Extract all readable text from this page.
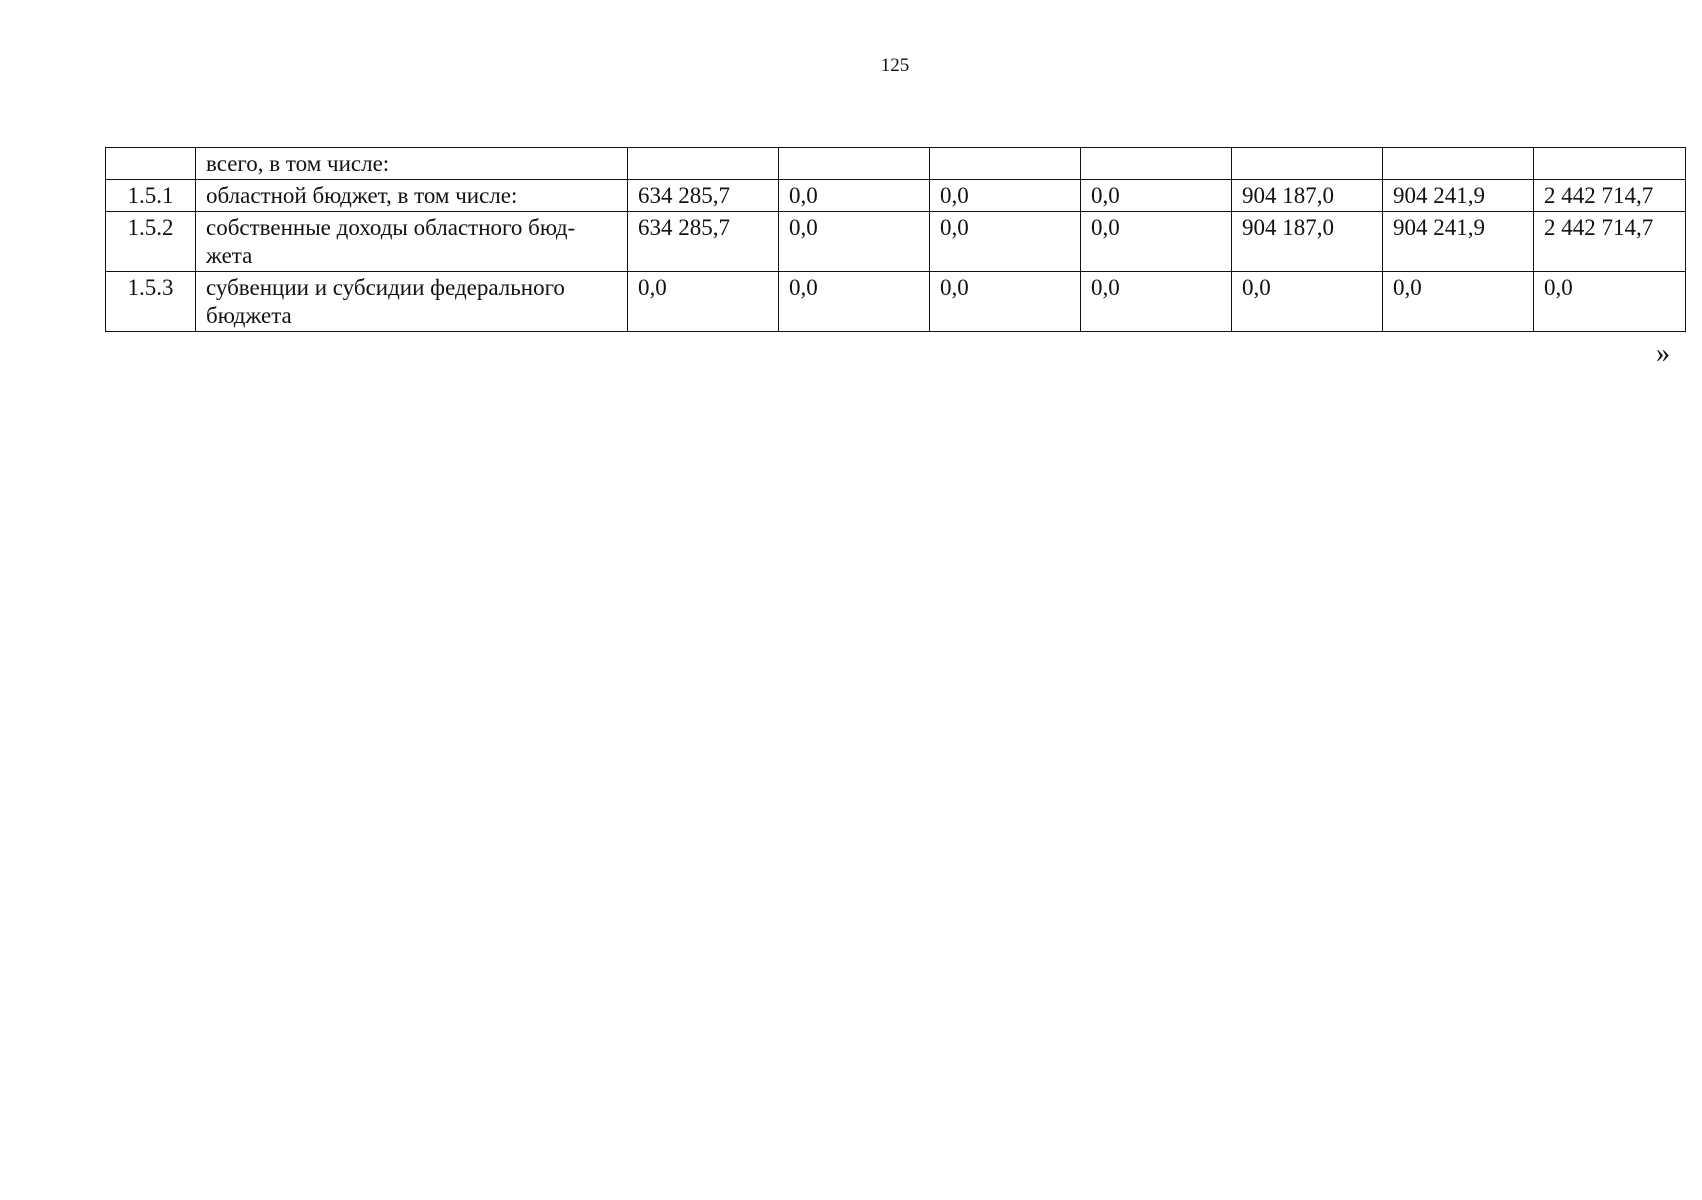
125
	всего, в том числе:							
1.5.1	областной бюджет, в том числе:	634 285,7	0,0	0,0	0,0	904 187,0	904 241,9	2 442 714,7
1.5.2	собственные доходы областного бюд-жета	634 285,7	0,0	0,0	0,0	904 187,0	904 241,9	2 442 714,7
1.5.3	субвенции и субсидии федерального бюджета	0,0	0,0	0,0	0,0	0,0	0,0	0,0
»
